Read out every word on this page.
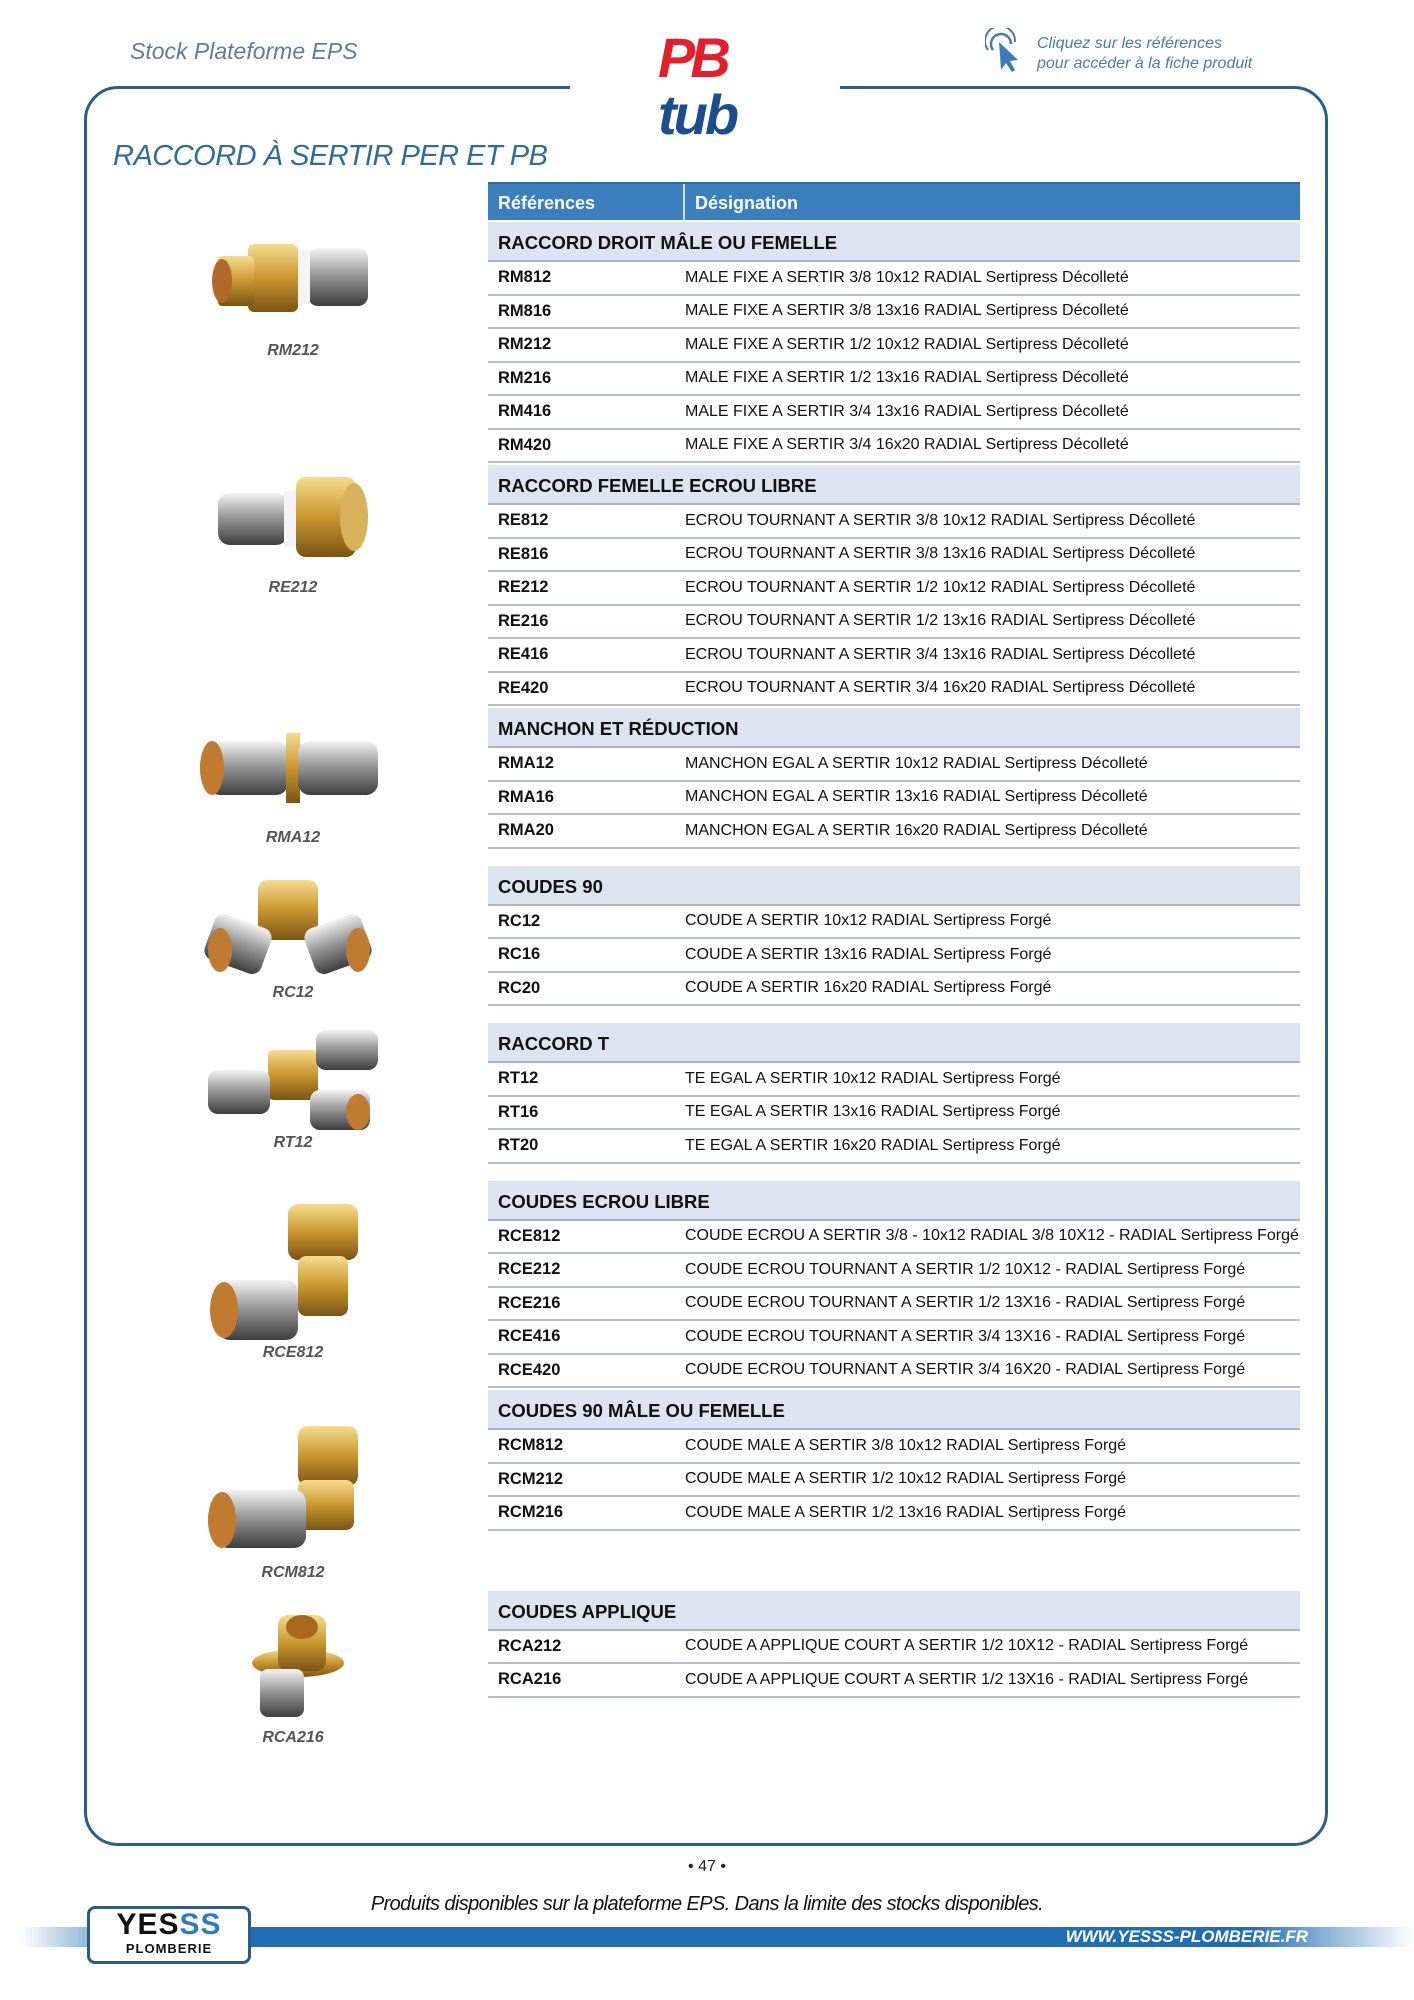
Stock Plateforme EPS	PB
tub
Cliquez sur les références
pour accéder à la fiche produit
RACCORD À SERTIR PER ET PB
Références	Désignation
RACCORD DROIT MÂLE OU FEMELLE
RM812	MALE FIXE A SERTIR 3/8 10x12 RADIAL Sertipress Décolleté
RM816	MALE FIXE A SERTIR 3/8 13x16 RADIAL Sertipress Décolleté
RM212	MALE FIXE A SERTIR 1/2 10x12 RADIAL Sertipress Décolleté
RM216	MALE FIXE A SERTIR 1/2 13x16 RADIAL Sertipress Décolleté
RM416	MALE FIXE A SERTIR 3/4 13x16 RADIAL Sertipress Décolleté
RM420	MALE FIXE A SERTIR 3/4 16x20 RADIAL Sertipress Décolleté
RACCORD FEMELLE ECROU LIBRE
RE812	ECROU TOURNANT A SERTIR 3/8 10x12 RADIAL Sertipress Décolleté
RE816	ECROU TOURNANT A SERTIR 3/8 13x16 RADIAL Sertipress Décolleté
RE212	ECROU TOURNANT A SERTIR 1/2 10x12 RADIAL Sertipress Décolleté
RE216	ECROU TOURNANT A SERTIR 1/2 13x16 RADIAL Sertipress Décolleté
RE416	ECROU TOURNANT A SERTIR 3/4 13x16 RADIAL Sertipress Décolleté
RE420	ECROU TOURNANT A SERTIR 3/4 16x20 RADIAL Sertipress Décolleté
MANCHON ET RÉDUCTION
RMA12	MANCHON EGAL A SERTIR 10x12 RADIAL Sertipress Décolleté
RMA16	MANCHON EGAL A SERTIR 13x16 RADIAL Sertipress Décolleté
RMA20	MANCHON EGAL A SERTIR 16x20 RADIAL Sertipress Décolleté
COUDES 90
RC12	COUDE A SERTIR 10x12 RADIAL Sertipress Forgé
RC16	COUDE A SERTIR 13x16 RADIAL Sertipress Forgé
RC20	COUDE A SERTIR 16x20 RADIAL Sertipress Forgé
RACCORD T
RT12	TE EGAL A SERTIR 10x12 RADIAL Sertipress Forgé
RT16	TE EGAL A SERTIR 13x16 RADIAL Sertipress Forgé
RT20	TE EGAL A SERTIR 16x20 RADIAL Sertipress Forgé
COUDES ECROU LIBRE
RCE812	COUDE ECROU A SERTIR 3/8 - 10x12 RADIAL 3/8 10X12 - RADIAL Sertipress Forgé
RCE212	COUDE ECROU TOURNANT A SERTIR 1/2 10X12 - RADIAL Sertipress Forgé
RCE216	COUDE ECROU TOURNANT A SERTIR 1/2 13X16 - RADIAL Sertipress Forgé
RCE416	COUDE ECROU TOURNANT A SERTIR 3/4 13X16 - RADIAL Sertipress Forgé
RCE420	COUDE ECROU TOURNANT A SERTIR 3/4 16X20 - RADIAL Sertipress Forgé
COUDES 90 MÂLE OU FEMELLE
RCM812	COUDE MALE A SERTIR 3/8 10x12 RADIAL Sertipress Forgé
RCM212	COUDE MALE A SERTIR 1/2 10x12 RADIAL Sertipress Forgé
RCM216	COUDE MALE A SERTIR 1/2 13x16 RADIAL Sertipress Forgé
COUDES APPLIQUE
RCA212	COUDE A APPLIQUE COURT A SERTIR 1/2 10X12 - RADIAL Sertipress Forgé
RCA216	COUDE A APPLIQUE COURT A SERTIR 1/2 13X16 - RADIAL Sertipress Forgé
RM212
RE212
RMA12
RC12
RT12
RCE812
RCM812
RCA216
• 47 •
Produits disponibles sur la plateforme EPS. Dans la limite des stocks disponibles.
WWW.YESSS-PLOMBERIE.FR
YESSS
PLOMBERIE
